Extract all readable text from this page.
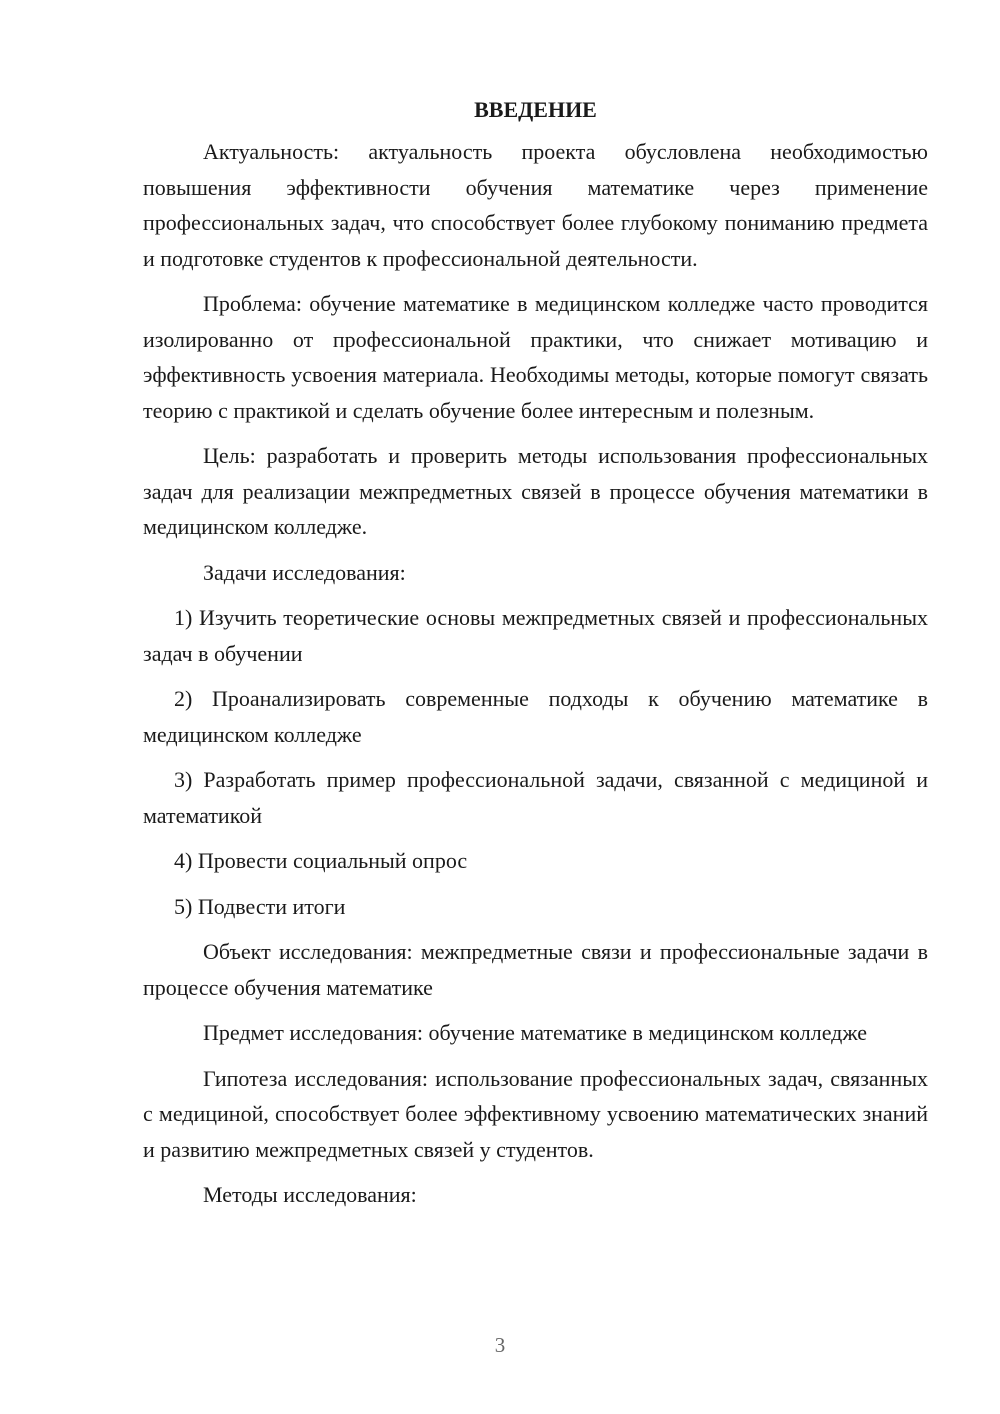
ВВЕДЕНИЕ

Актуальность: актуальность проекта обусловлена необходимостью повышения эффективности обучения математике через применение профессиональных задач, что способствует более глубокому пониманию предмета и подготовке студентов к профессиональной деятельности.

Проблема: обучение математике в медицинском колледже часто проводится изолированно от профессиональной практики, что снижает мотивацию и эффективность усвоения материала. Необходимы методы, которые помогут связать теорию с практикой и сделать обучение более интересным и полезным.

Цель: разработать и проверить методы использования профессиональных задач для реализации межпредметных связей в процессе обучения математики в медицинском колледже.

Задачи исследования:

1) Изучить теоретические основы межпредметных связей и профессиональных задач в обучении

2) Проанализировать современные подходы к обучению математике в медицинском колледже

3) Разработать пример профессиональной задачи, связанной с медициной и математикой

4) Провести социальный опрос

5) Подвести итоги

Объект исследования: межпредметные связи и профессиональные задачи в процессе обучения математике

Предмет исследования: обучение математике в медицинском колледже

Гипотеза исследования: использование профессиональных задач, связанных с медициной, способствует более эффективному усвоению математических знаний и развитию межпредметных связей у студентов.

Методы исследования:

3
